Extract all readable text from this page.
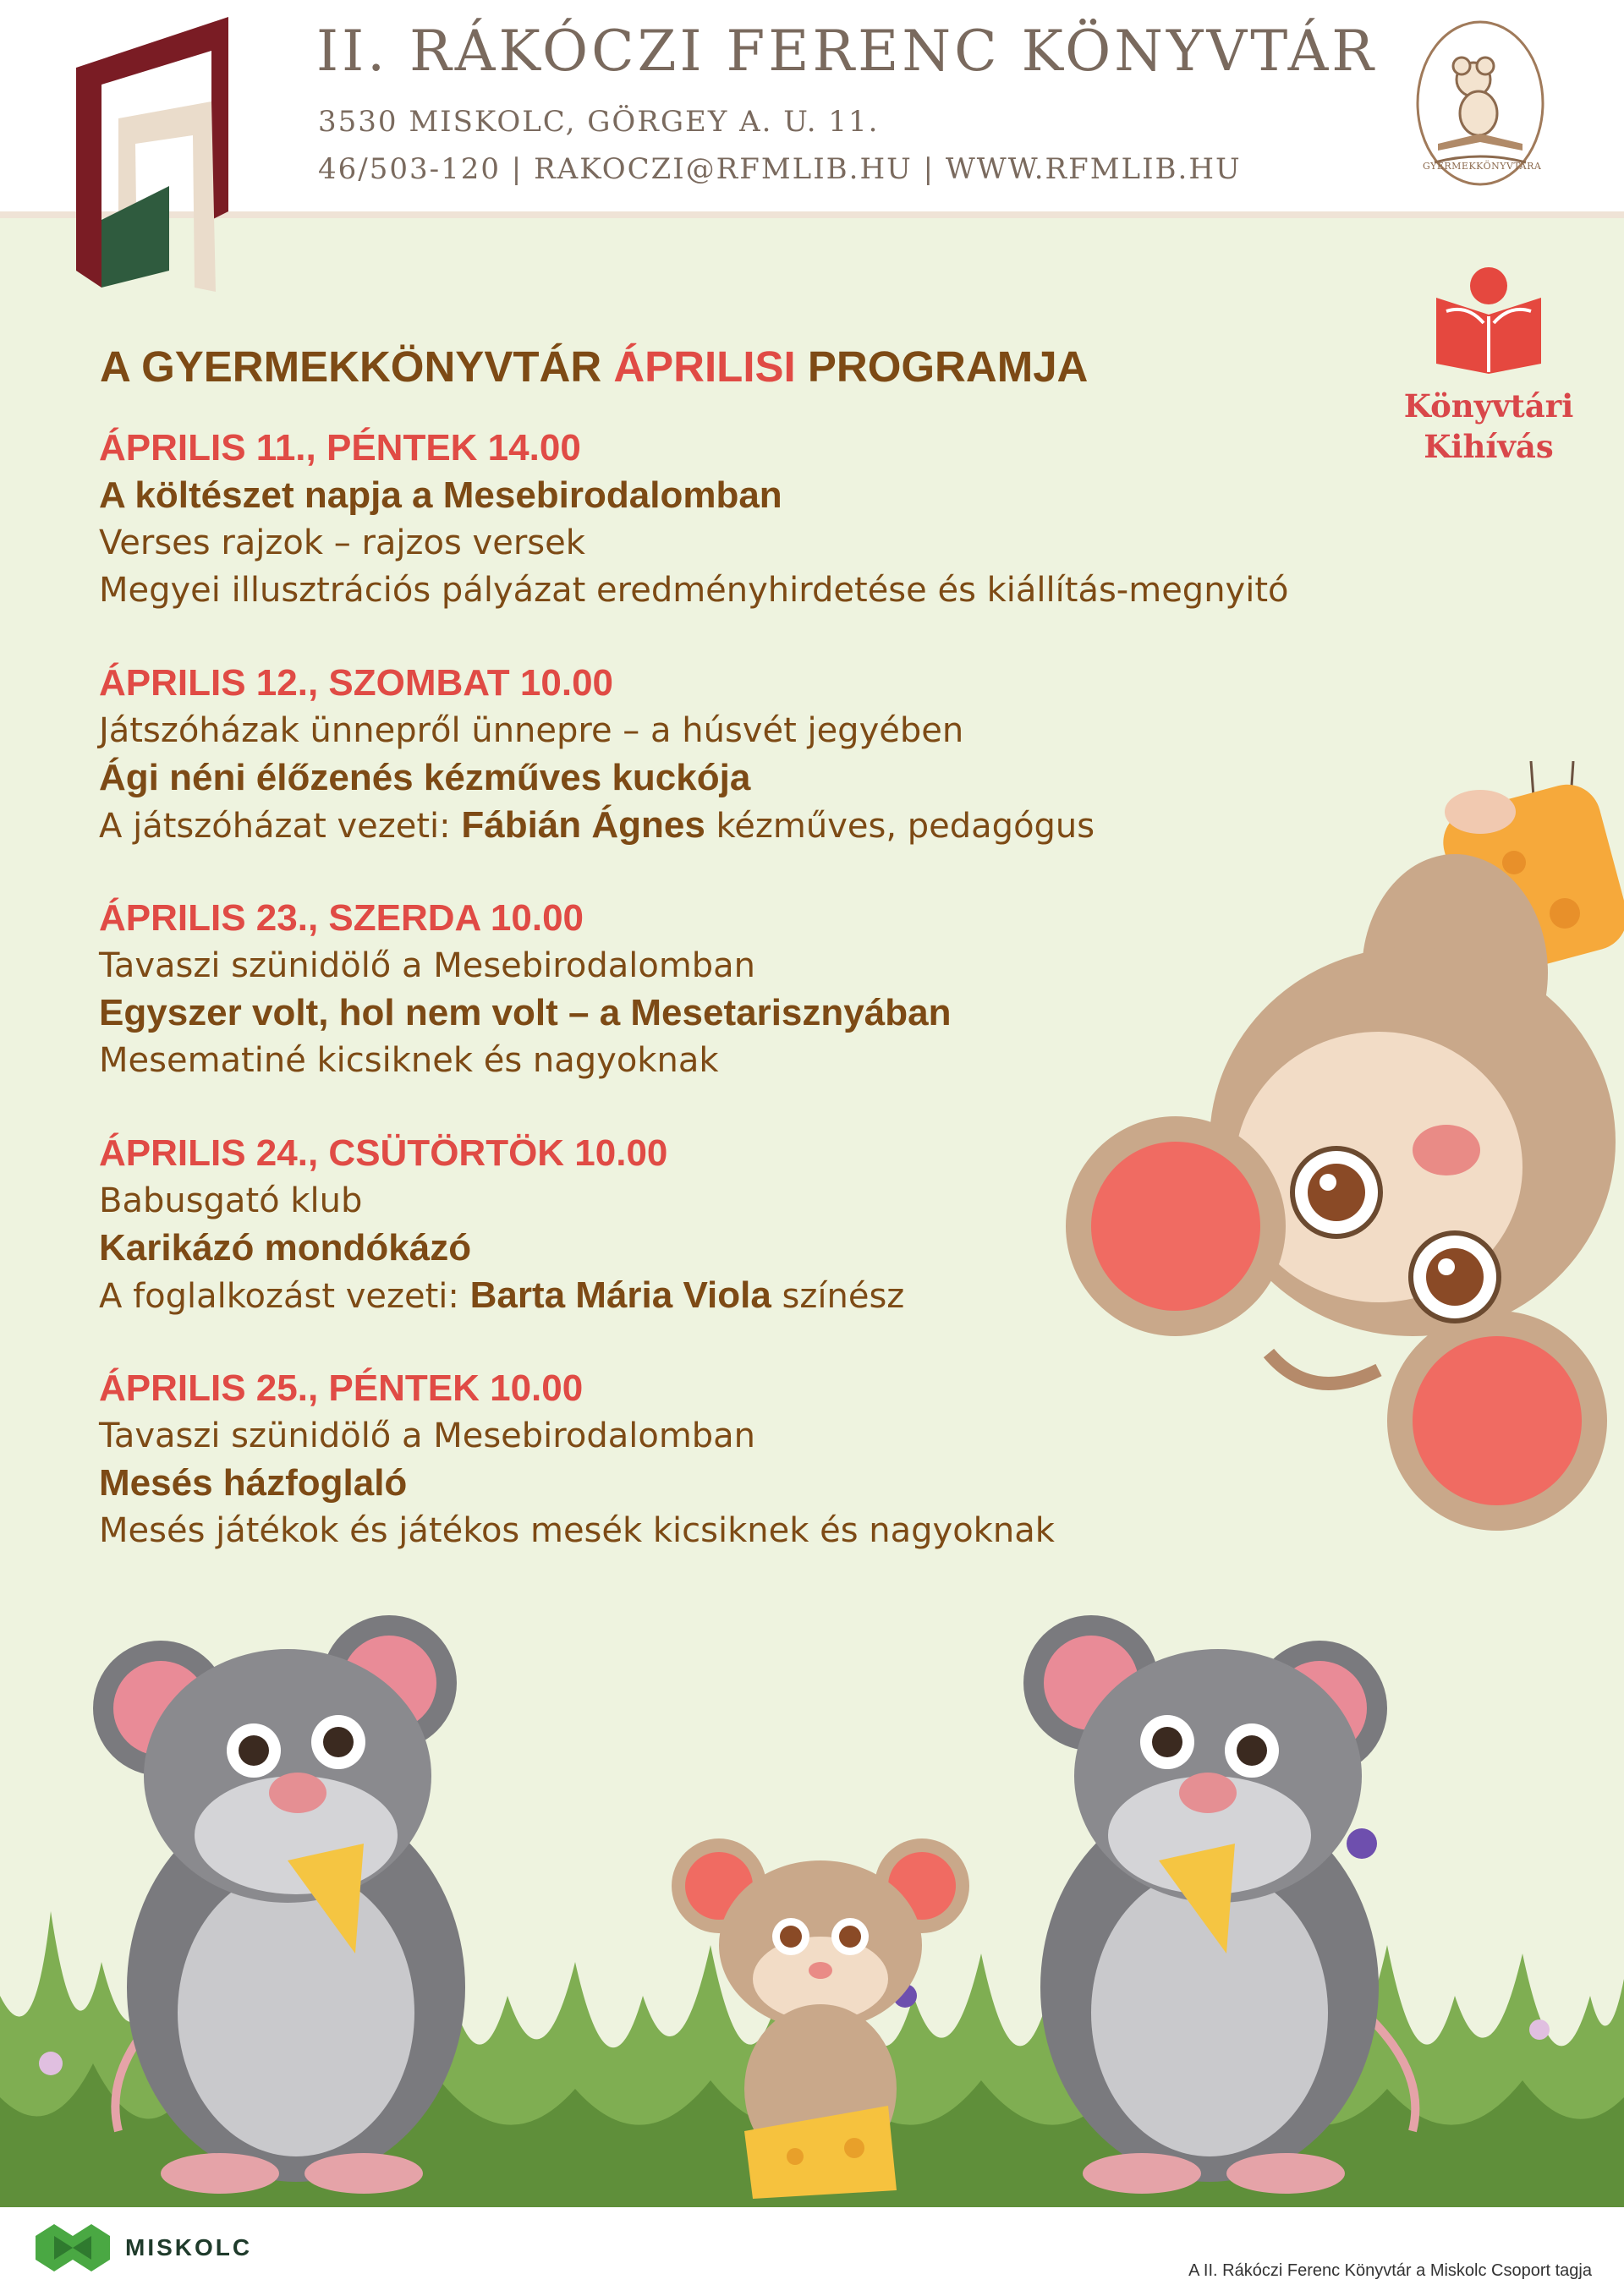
II. RÁKÓCZI FERENC KÖNYVTÁR
3530 MISKOLC, GÖRGEY A. U. 11.
46/503-120 | RAKOCZI@RFMLIB.HU | WWW.RFMLIB.HU	GYERMEKKÖNYVTÁRA
Könyvtári
Kihívás
A GYERMEKKÖNYVTÁR ÁPRILISI PROGRAMJA
ÁPRILIS 11., PÉNTEK 14.00
A költészet napja a Mesebirodalomban
Verses rajzok – rajzos versek
Megyei illusztrációs pályázat eredményhirdetése és kiállítás-megnyitó
ÁPRILIS 12., SZOMBAT 10.00
Játszóházak ünnepről ünnepre – a húsvét jegyében
Ági néni élőzenés kézműves kuckója
A játszóházat vezeti: Fábián Ágnes kézműves, pedagógus
ÁPRILIS 23., SZERDA 10.00
Tavaszi szünidölő a Mesebirodalomban
Egyszer volt, hol nem volt – a Mesetarisznyában
Mesematiné kicsiknek és nagyoknak
ÁPRILIS 24., CSÜTÖRTÖK 10.00
Babusgató klub
Karikázó mondókázó
A foglalkozást vezeti: Barta Mária Viola színész
ÁPRILIS 25., PÉNTEK 10.00
Tavaszi szünidölő a Mesebirodalomban
Mesés házfoglaló
Mesés játékok és játékos mesék kicsiknek és nagyoknak
MISKOLC
A II. Rákóczi Ferenc Könyvtár a Miskolc Csoport tagja
